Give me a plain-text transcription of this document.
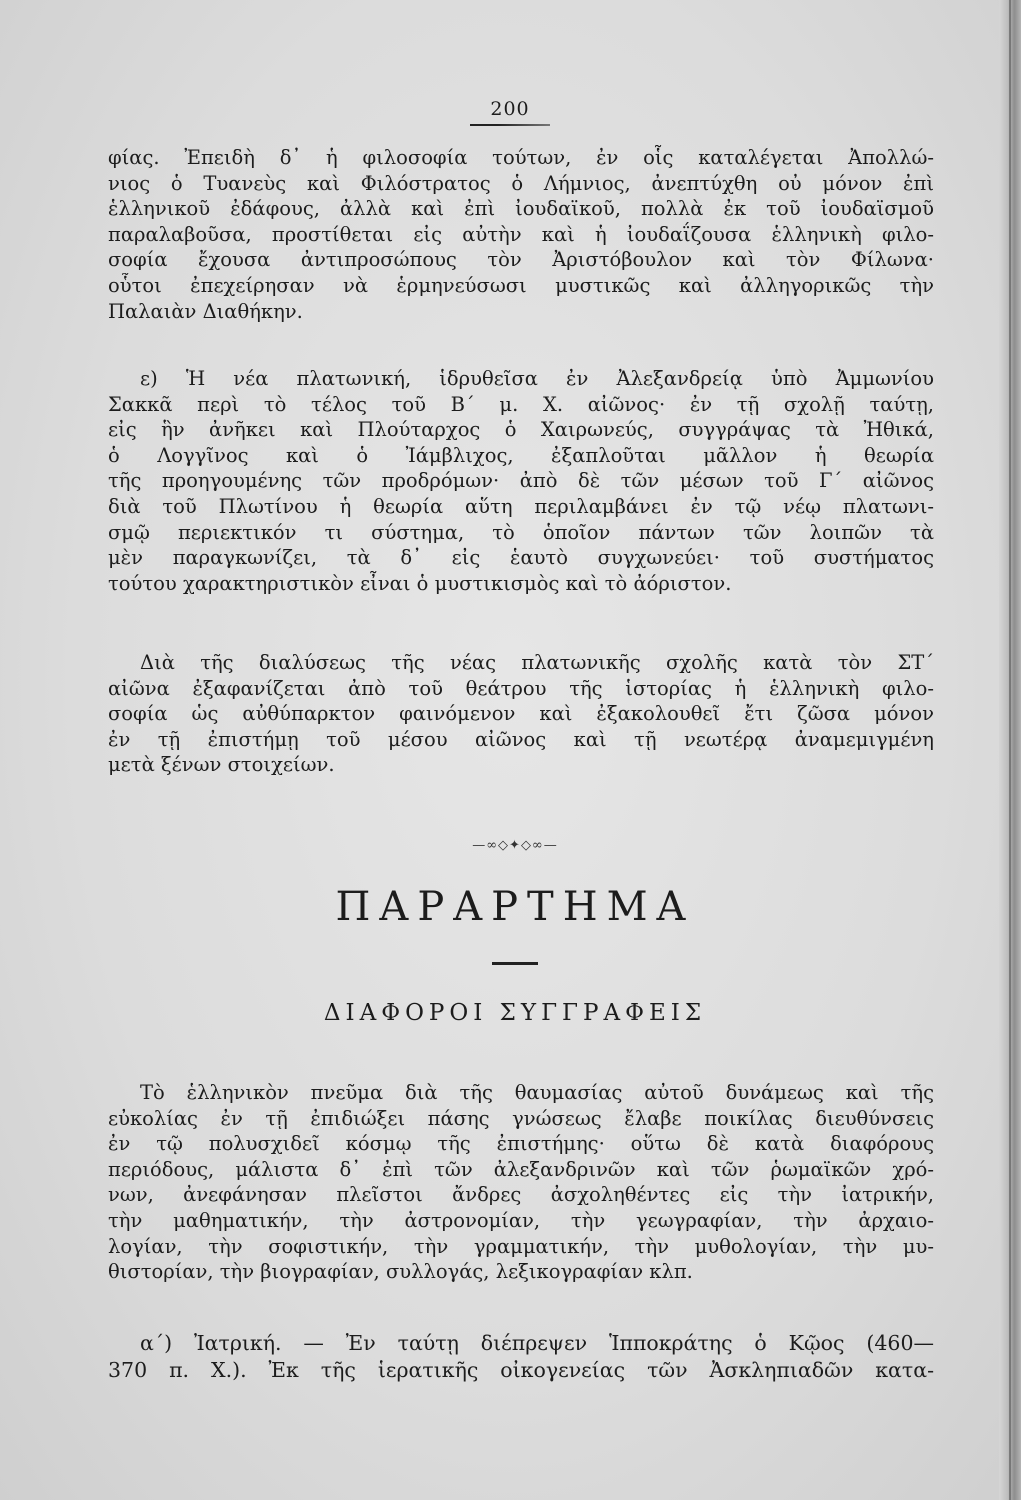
200
φίας. Ἐπειδὴ δ᾽ ἡ φιλοσοφία τούτων, ἐν οἷς καταλέγεται Ἀπολλώ-
νιος ὁ Τυανεὺς καὶ Φιλόστρατος ὁ Λήμνιος, ἀνεπτύχθη οὐ μόνον ἐπὶ
ἑλληνικοῦ ἐδάφους, ἀλλὰ καὶ ἐπὶ ἰουδαϊκοῦ, πολλὰ ἐκ τοῦ ἰουδαϊσμοῦ
παραλαβοῦσα, προστίθεται εἰς αὐτὴν καὶ ἡ ἰουδαΐζουσα ἑλληνικὴ φιλο-
σοφία ἔχουσα ἀντιπροσώπους τὸν Ἀριστόβουλον καὶ τὸν Φίλωνα·
οὗτοι ἐπεχείρησαν νὰ ἑρμηνεύσωσι μυστικῶς καὶ ἀλληγορικῶς τὴν
Παλαιὰν Διαθήκην.
ε) Ἡ νέα πλατωνική, ἱδρυθεῖσα ἐν Ἀλεξανδρείᾳ ὑπὸ Ἀμμωνίου
Σακκᾶ περὶ τὸ τέλος τοῦ Β΄ μ. Χ. αἰῶνος· ἐν τῇ σχολῇ ταύτῃ,
εἰς ἣν ἀνῆκει καὶ Πλούταρχος ὁ Χαιρωνεύς, συγγράψας τὰ Ἠθικά,
ὁ Λογγῖνος καὶ ὁ Ἰάμβλιχος, ἐξαπλοῦται μᾶλλον ἡ θεωρία
τῆς προηγουμένης τῶν προδρόμων· ἀπὸ δὲ τῶν μέσων τοῦ Γ΄ αἰῶνος
διὰ τοῦ Πλωτίνου ἡ θεωρία αὕτη περιλαμβάνει ἐν τῷ νέῳ πλατωνι-
σμῷ περιεκτικόν τι σύστημα, τὸ ὁποῖον πάντων τῶν λοιπῶν τὰ
μὲν παραγκωνίζει, τὰ δ᾽ εἰς ἑαυτὸ συγχωνεύει· τοῦ συστήματος
τούτου χαρακτηριστικὸν εἶναι ὁ μυστικισμὸς καὶ τὸ ἀόριστον.
Διὰ τῆς διαλύσεως τῆς νέας πλατωνικῆς σχολῆς κατὰ τὸν ΣΤ΄
αἰῶνα ἐξαφανίζεται ἀπὸ τοῦ θεάτρου τῆς ἱστορίας ἡ ἑλληνικὴ φιλο-
σοφία ὡς αὐθύπαρκτον φαινόμενον καὶ ἐξακολουθεῖ ἔτι ζῶσα μόνον
ἐν τῇ ἐπιστήμῃ τοῦ μέσου αἰῶνος καὶ τῇ νεωτέρᾳ ἀναμεμιγμένη
μετὰ ξένων στοιχείων.
—∞◇✦◇∞—
ΠΑΡΑΡΤΗΜΑ
ΔΙΑΦΟΡΟΙ ΣΥΓΓΡΑΦΕΙΣ
Τὸ ἑλληνικὸν πνεῦμα διὰ τῆς θαυμασίας αὐτοῦ δυνάμεως καὶ τῆς
εὐκολίας ἐν τῇ ἐπιδιώξει πάσης γνώσεως ἔλαβε ποικίλας διευθύνσεις
ἐν τῷ πολυσχιδεῖ κόσμῳ τῆς ἐπιστήμης· οὕτω δὲ κατὰ διαφόρους
περιόδους, μάλιστα δ᾽ ἐπὶ τῶν ἀλεξανδρινῶν καὶ τῶν ῥωμαϊκῶν χρό-
νων, ἀνεφάνησαν πλεῖστοι ἄνδρες ἀσχοληθέντες εἰς τὴν ἰατρικήν,
τὴν μαθηματικήν, τὴν ἀστρονομίαν, τὴν γεωγραφίαν, τὴν ἀρχαιο-
λογίαν, τὴν σοφιστικήν, τὴν γραμματικήν, τὴν μυθολογίαν, τὴν μυ-
θιστορίαν, τὴν βιογραφίαν, συλλογάς, λεξικογραφίαν κλπ.
α΄) Ἰατρική. — Ἐν ταύτῃ διέπρεψεν Ἱπποκράτης ὁ Κῷος (460—
370 π. Χ.). Ἐκ τῆς ἱερατικῆς οἰκογενείας τῶν Ἀσκληπιαδῶν κατα-
